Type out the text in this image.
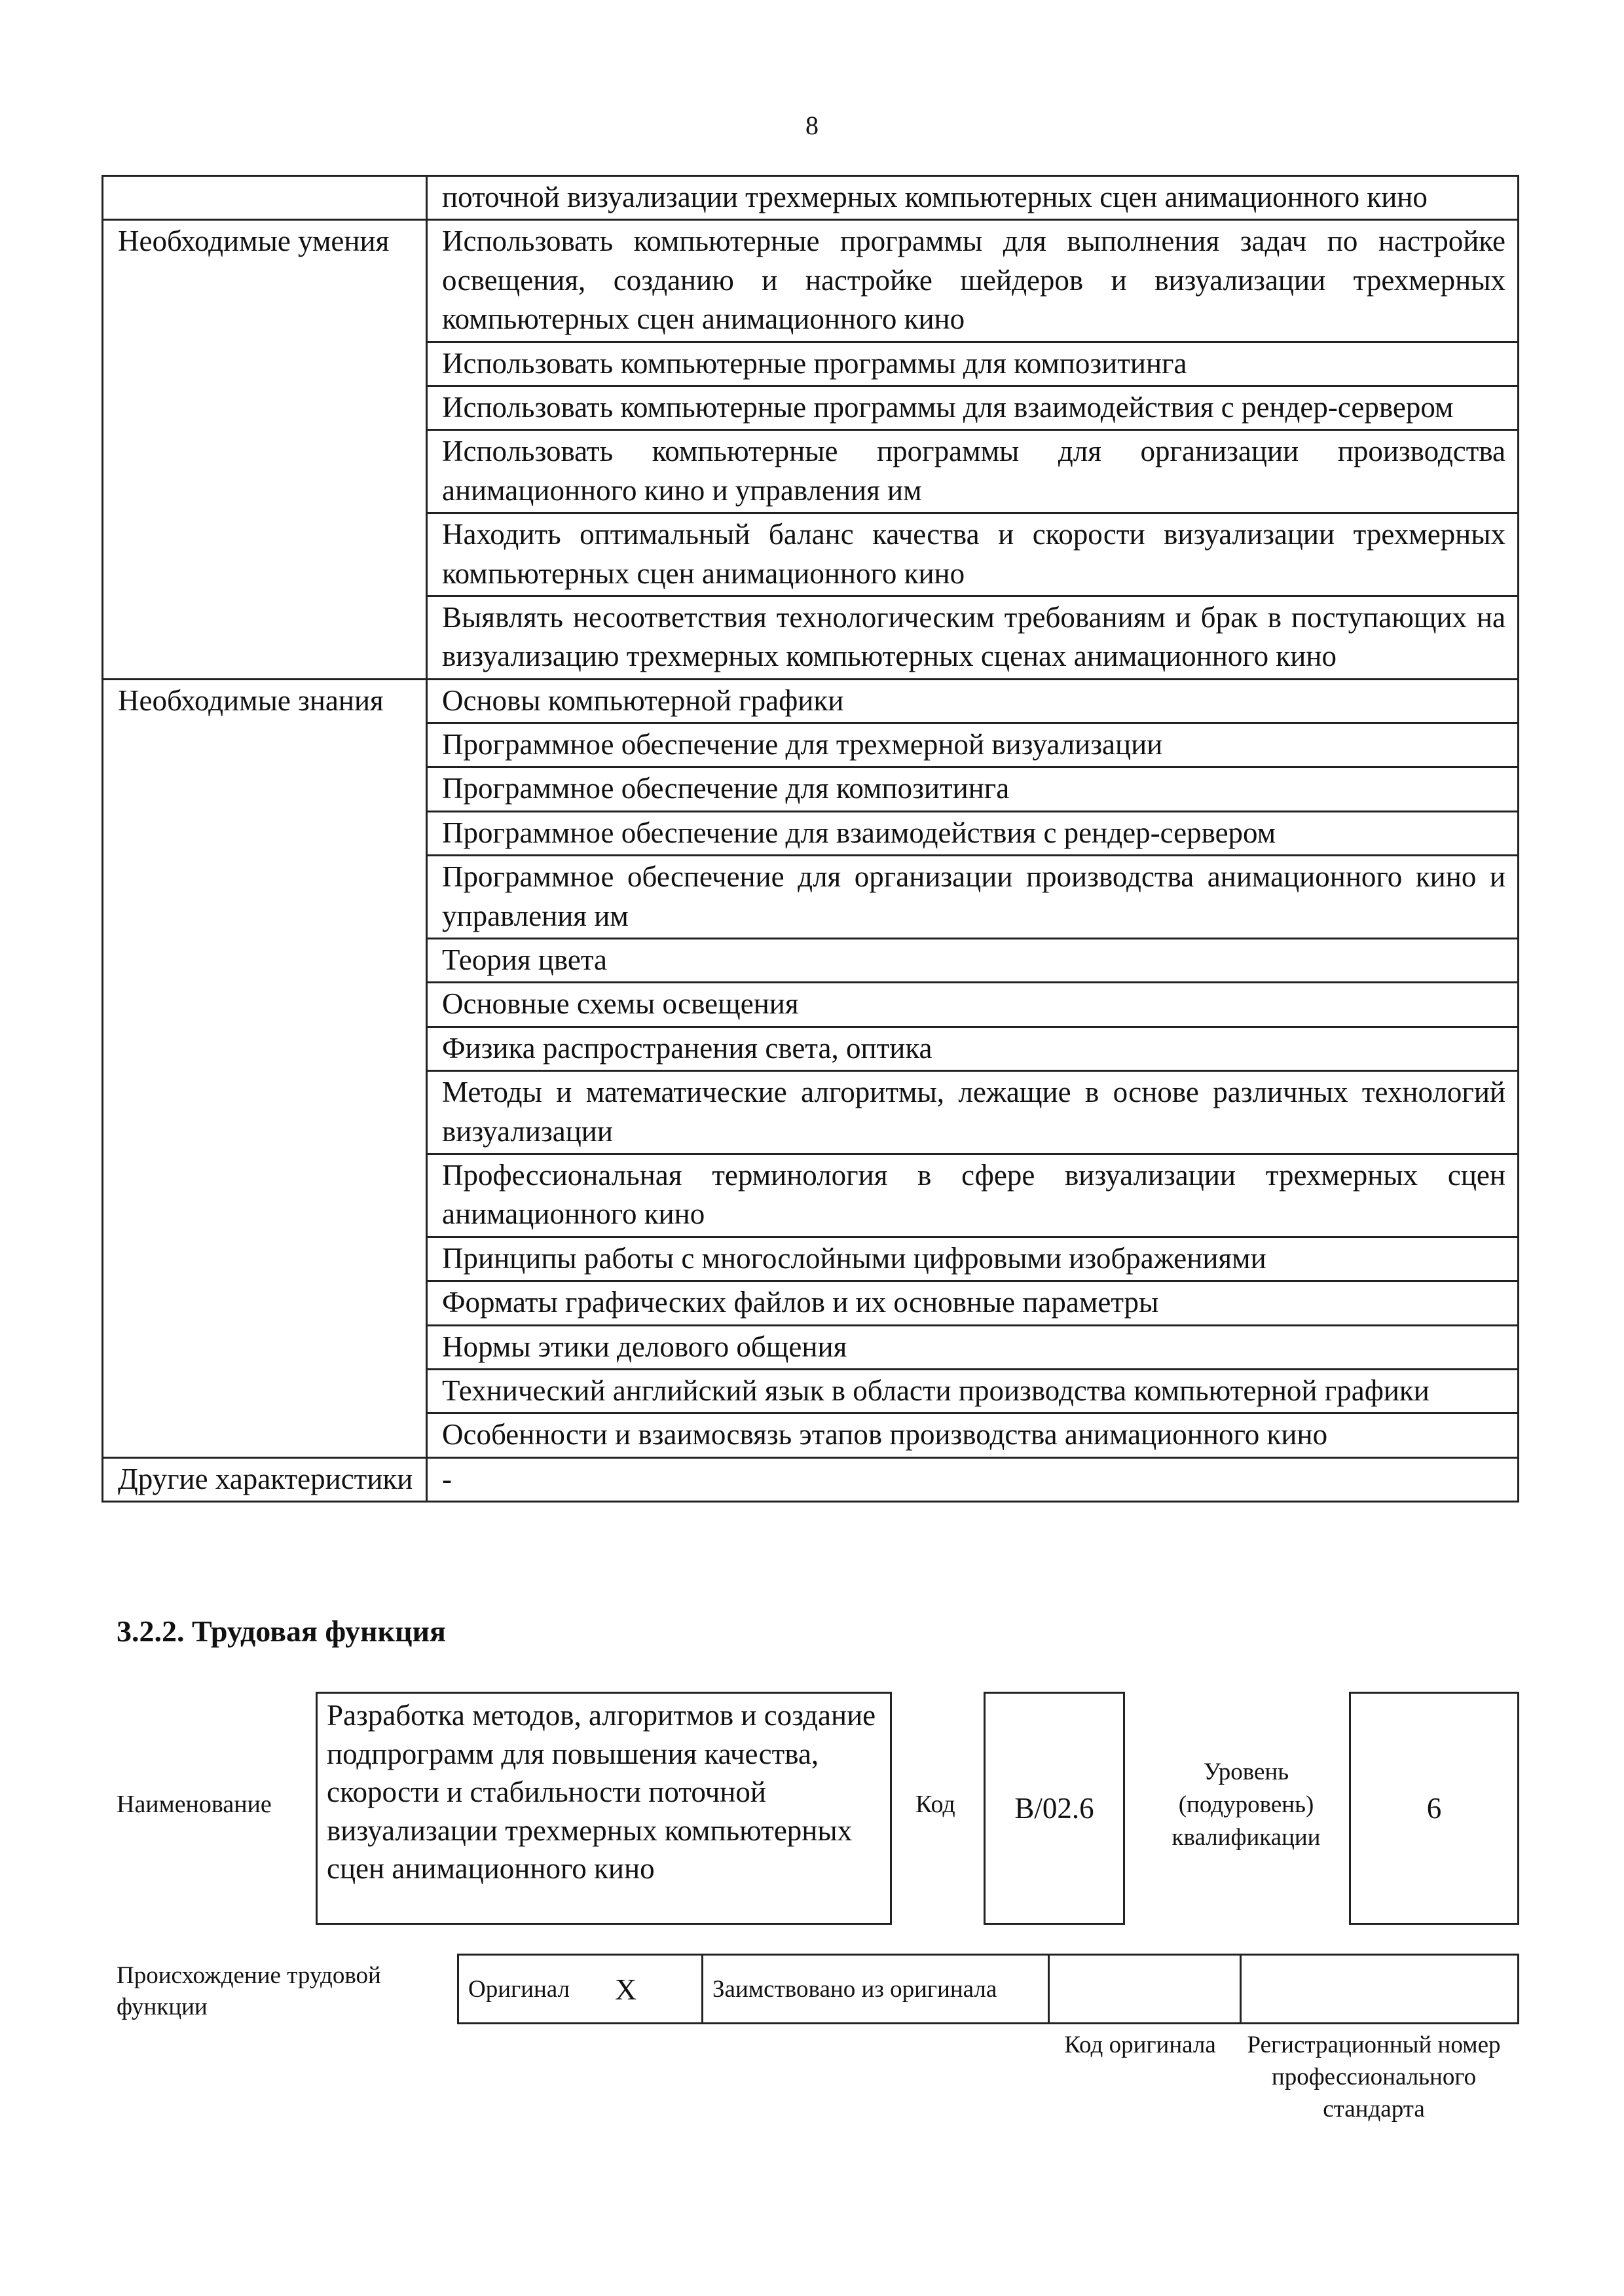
8
	поточной визуализации трехмерных компьютерных сцен анимационного кино
Необходимые умения	Использовать компьютерные программы для выполнения задач по настройке освещения, созданию и настройке шейдеров и визуализации трехмерных компьютерных сцен анимационного кино
	Использовать компьютерные программы для композитинга
	Использовать компьютерные программы для взаимодействия с рендер-сервером
	Использовать компьютерные программы для организации производства анимационного кино и управления им
	Находить оптимальный баланс качества и скорости визуализации трехмерных компьютерных сцен анимационного кино
	Выявлять несоответствия технологическим требованиям и брак в поступающих на визуализацию трехмерных компьютерных сценах анимационного кино
Необходимые знания	Основы компьютерной графики
	Программное обеспечение для трехмерной визуализации
	Программное обеспечение для композитинга
	Программное обеспечение для взаимодействия с рендер-сервером
	Программное обеспечение для организации производства анимационного кино и управления им
	Теория цвета
	Основные схемы освещения
	Физика распространения света, оптика
	Методы и математические алгоритмы, лежащие в основе различных технологий визуализации
	Профессиональная терминология в сфере визуализации трехмерных сцен анимационного кино
	Принципы работы с многослойными цифровыми изображениями
	Форматы графических файлов и их основные параметры
	Нормы этики делового общения
	Технический английский язык в области производства компьютерной графики
	Особенности и взаимосвязь этапов производства анимационного кино
Другие характеристики	-
3.2.2. Трудовая функция
Наименование
Разработка методов, алгоритмов и создание подпрограмм для повышения качества, скорости и стабильности поточной визуализации трехмерных компьютерных сцен анимационного кино
Код	B/02.6
Уровень (подуровень) квалификации
6
Происхождение трудовой функции
Оригинал	X	Заимствовано из оригинала		
Код оригинала	Регистрационный номер профессионального стандарта
